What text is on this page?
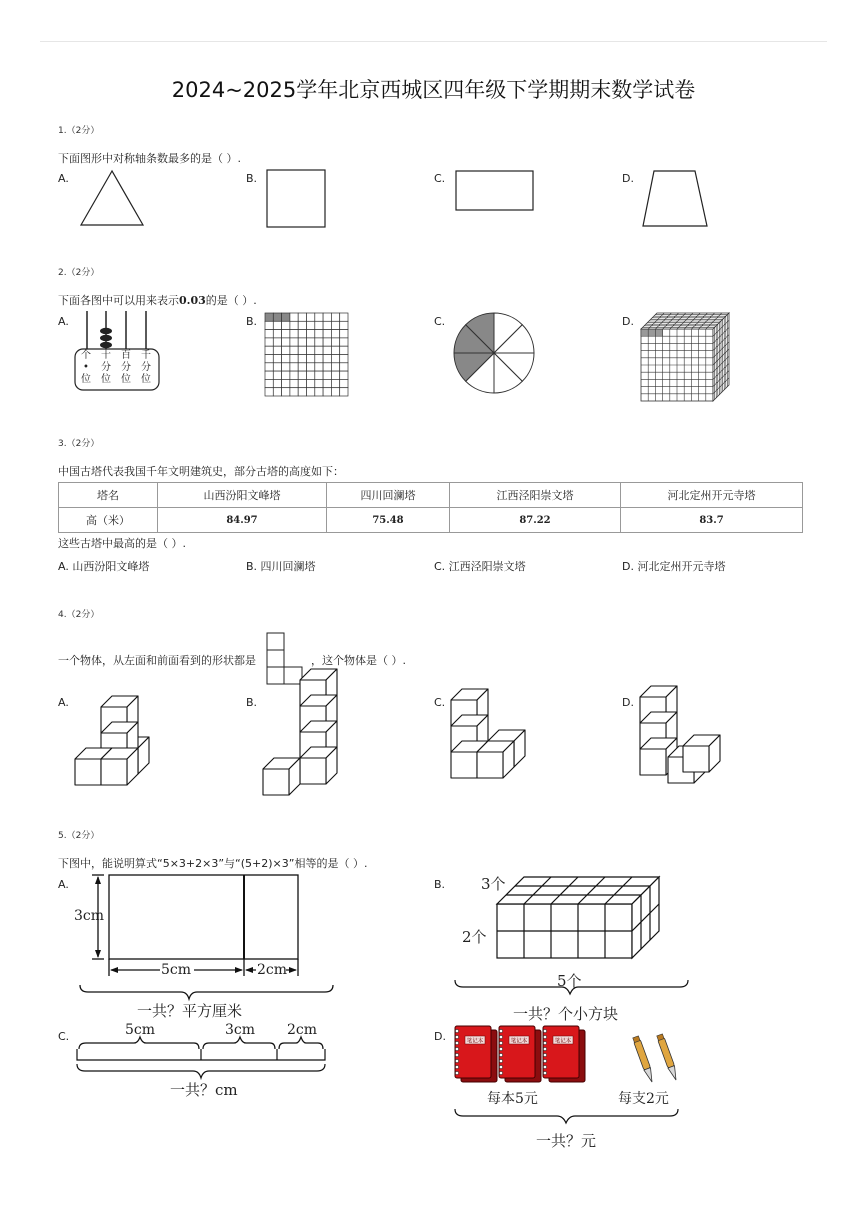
2024~2025学年北京西城区四年级下学期期末数学试卷
1.（2分）
下面图形中对称轴条数最多的是（ ）.
A.	B.	C.	D.
2.（2分）
下面各图中可以用来表示0.03的是（ ）.
A.	B.	C.	D.
个
•
位
十
分
位
百
分
位
千
分
位
3.（2分）
中国古塔代表我国千年文明建筑史，部分古塔的高度如下：
塔名	山西汾阳文峰塔	四川回澜塔	江西泾阳崇文塔	河北定州开元寺塔
高（米）	84.97	75.48	87.22	83.7
这些古塔中最高的是（ ）.
A. 山西汾阳文峰塔	B. 四川回澜塔	C. 江西泾阳崇文塔	D. 河北定州开元寺塔
4.（2分）
一个物体，从左面和前面看到的形状都是	，这个物体是（ ）.
A.	B.	C.	D.
5.（2分）
下图中，能说明算式“5×3+2×3”与“(5+2)×3”相等的是（ ）.
A.	B.
C.	D.
3cm
5cm	2cm
一共？平方厘米
3个
2个
5个
一共？个小方块
5cm	3cm 2cm
一共？cm
笔记本	笔记本	笔记本
每本5元	每支2元
一共？元
